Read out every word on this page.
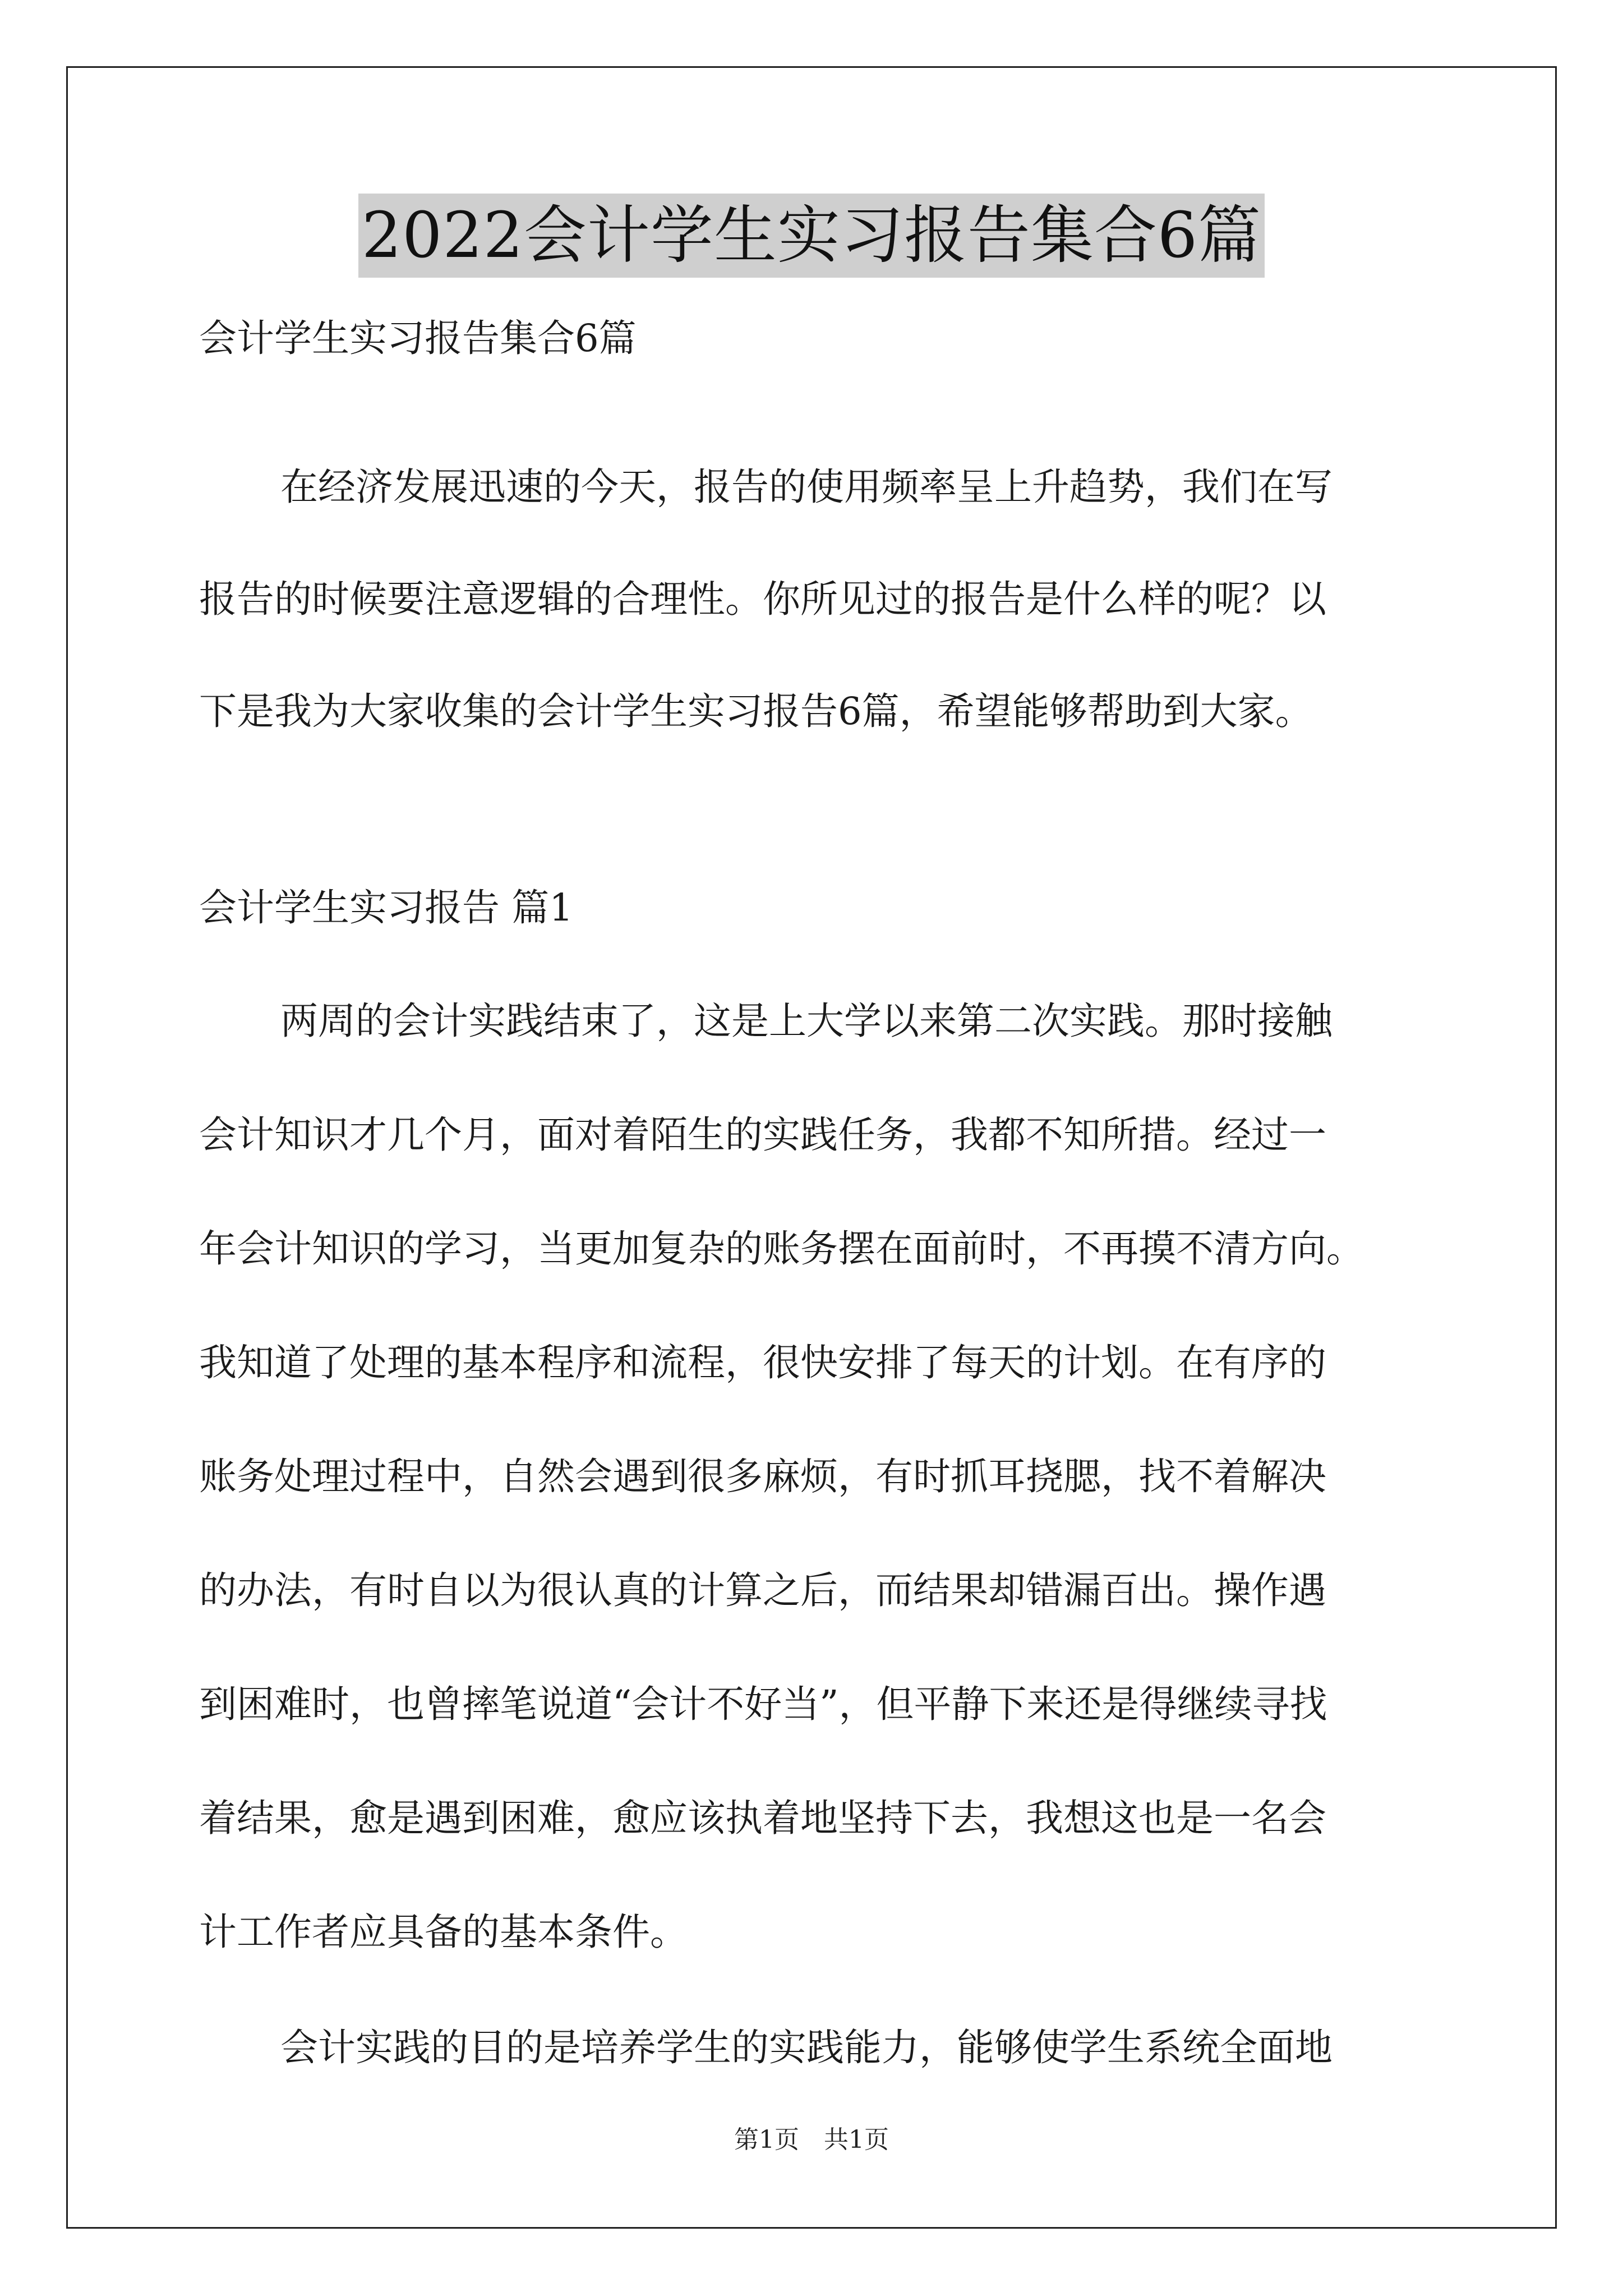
2022会计学生实习报告集合6篇

会计学生实习报告集合6篇

在经济发展迅速的今天，报告的使用频率呈上升趋势，我们在写

报告的时候要注意逻辑的合理性。你所见过的报告是什么样的呢？以

下是我为大家收集的会计学生实习报告6篇，希望能够帮助到大家。

会计学生实习报告 篇1

两周的会计实践结束了，这是上大学以来第二次实践。那时接触

会计知识才几个月，面对着陌生的实践任务，我都不知所措。经过一

年会计知识的学习，当更加复杂的账务摆在面前时，不再摸不清方向。

我知道了处理的基本程序和流程，很快安排了每天的计划。在有序的

账务处理过程中，自然会遇到很多麻烦，有时抓耳挠腮，找不着解决

的办法，有时自以为很认真的计算之后，而结果却错漏百出。操作遇

到困难时，也曾摔笔说道“会计不好当”，但平静下来还是得继续寻找

着结果，愈是遇到困难，愈应该执着地坚持下去，我想这也是一名会

计工作者应具备的基本条件。

会计实践的目的是培养学生的实践能力，能够使学生系统全面地

第1页　共1页
